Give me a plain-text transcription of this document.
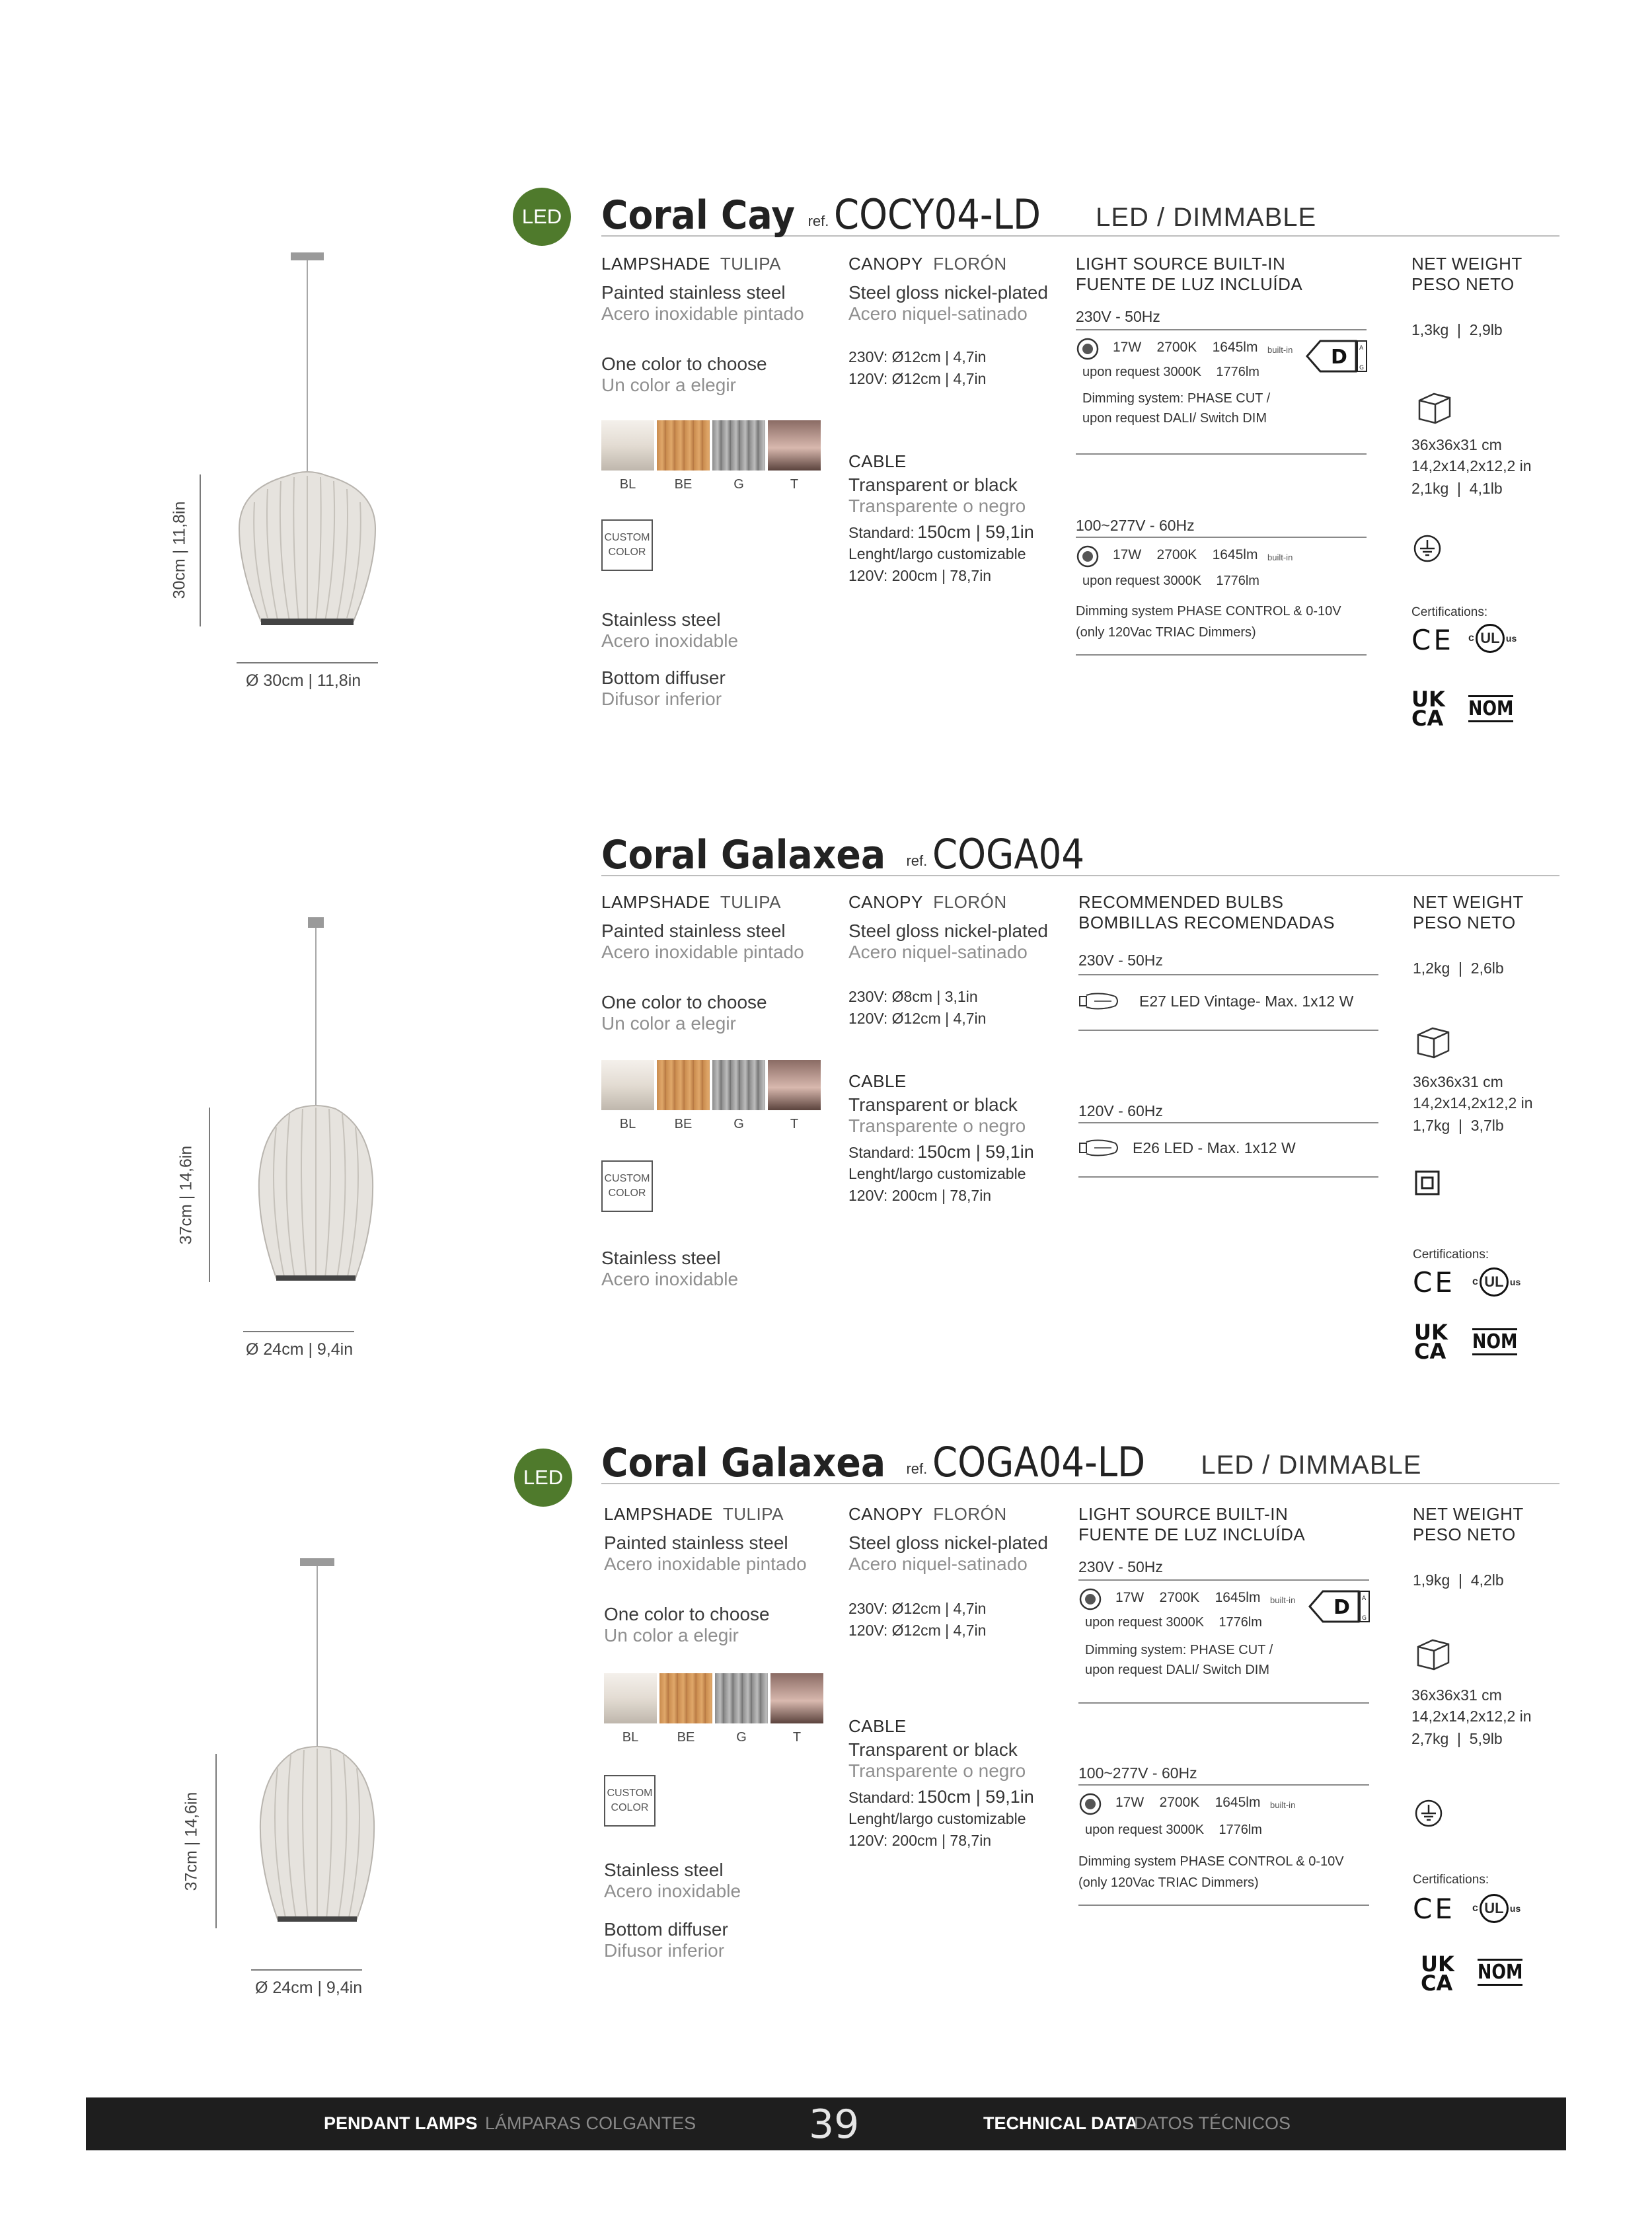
LED Coral Cay ref. COCY04-LD LED / DIMMABLE
30cm | 11,8in
Ø 30cm | 11,8in
LAMPSHADE TULIPA
Painted stainless steel
Acero inoxidable pintado
One color to choose
Un color a elegir
BL	BE	G	T
CUSTOM
COLOR
Stainless steel
Acero inoxidable
Bottom diffuser
Difusor inferior
CANOPY FLORÓN
Steel gloss nickel-plated
Acero niquel-satinado
230V: Ø12cm | 4,7in
120V: Ø12cm | 4,7in
CABLE
Transparent or black
Transparente o negro
Standard: 150cm | 59,1in
Lenght/largo customizable
120V: 200cm | 78,7in
LIGHT SOURCE BUILT-IN
FUENTE DE LUZ INCLUÍDA
230V - 50Hz
17W    2700K    1645lm built-in D A
G
upon request 3000K    1776lm
Dimming system: PHASE CUT /
upon request DALI/ Switch DIM
100~277V - 60Hz
17W    2700K    1645lm built-in
upon request 3000K    1776lm
Dimming system PHASE CONTROL & 0-10V
(only 120Vac TRIAC Dimmers)
NET WEIGHT
PESO NETO
1,3kg  |  2,9lb
36x36x31 cm
14,2x14,2x12,2 in
2,1kg  |  4,1lb
Certifications:
CE c UL us
UK
CA NOM
Coral Galaxea ref. COGA04
37cm | 14,6in
Ø 24cm | 9,4in
LAMPSHADE TULIPA
Painted stainless steel
Acero inoxidable pintado
One color to choose
Un color a elegir
BL	BE	G	T
CUSTOM
COLOR
Stainless steel
Acero inoxidable
CANOPY FLORÓN
Steel gloss nickel-plated
Acero niquel-satinado
230V: Ø8cm | 3,1in
120V: Ø12cm | 4,7in
CABLE
Transparent or black
Transparente o negro
Standard: 150cm | 59,1in
Lenght/largo customizable
120V: 200cm | 78,7in
RECOMMENDED BULBS
BOMBILLAS RECOMENDADAS
230V - 50Hz
E27 LED Vintage- Max. 1x12 W
120V - 60Hz
E26 LED - Max. 1x12 W
NET WEIGHT
PESO NETO
1,2kg  |  2,6lb
36x36x31 cm
14,2x14,2x12,2 in
1,7kg  |  3,7lb
Certifications:
CE c UL us
UK
CA NOM
LED Coral Galaxea ref. COGA04-LD LED / DIMMABLE
37cm | 14,6in
Ø 24cm | 9,4in
LAMPSHADE TULIPA
Painted stainless steel
Acero inoxidable pintado
One color to choose
Un color a elegir
BL	BE	G	T
CUSTOM
COLOR
Stainless steel
Acero inoxidable
Bottom diffuser
Difusor inferior
CANOPY FLORÓN
Steel gloss nickel-plated
Acero niquel-satinado
230V: Ø12cm | 4,7in
120V: Ø12cm | 4,7in
CABLE
Transparent or black
Transparente o negro
Standard: 150cm | 59,1in
Lenght/largo customizable
120V: 200cm | 78,7in
LIGHT SOURCE BUILT-IN
FUENTE DE LUZ INCLUÍDA
230V - 50Hz
17W    2700K    1645lm built-in D A
G
upon request 3000K    1776lm
Dimming system: PHASE CUT /
upon request DALI/ Switch DIM
100~277V - 60Hz
17W    2700K    1645lm built-in
upon request 3000K    1776lm
Dimming system PHASE CONTROL & 0-10V
(only 120Vac TRIAC Dimmers)
NET WEIGHT
PESO NETO
1,9kg  |  4,2lb
36x36x31 cm
14,2x14,2x12,2 in
2,7kg  |  5,9lb
Certifications:
CE c UL us
UK
CA NOM
PENDANT LAMPS LÁMPARAS COLGANTES	39	TECHNICAL DATA
DATOS TÉCNICOS
